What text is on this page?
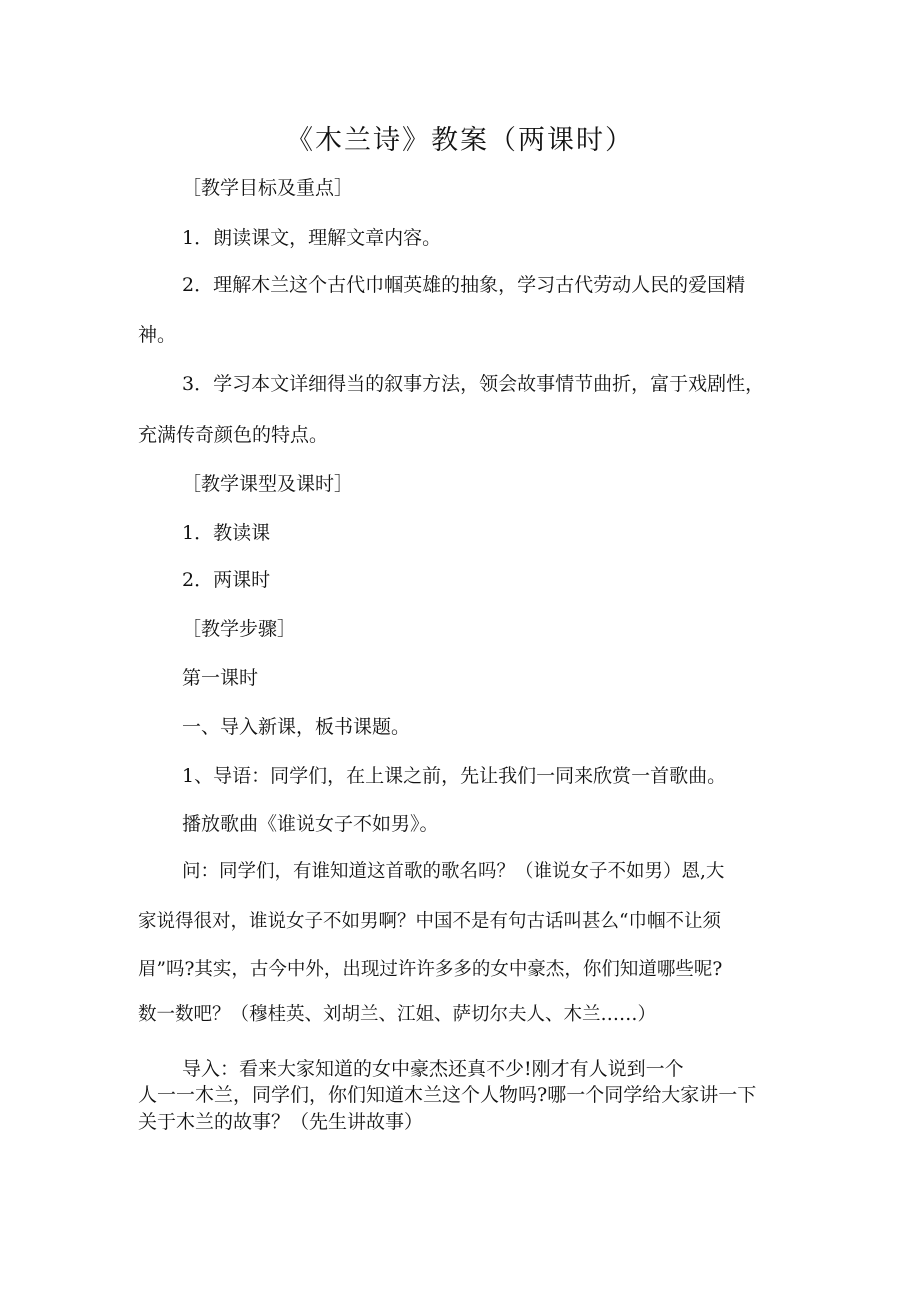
《木兰诗》教案（两课时）
［教学目标及重点］
1．朗读课文，理解文章内容。
2．理解木兰这个古代巾帼英雄的抽象，学习古代劳动人民的爱国精
神。
3．学习本文详细得当的叙事方法，领会故事情节曲折，富于戏剧性，
充满传奇颜色的特点。
［教学课型及课时］
1．教读课
2．两课时
［教学步骤］
第一课时
一、导入新课，板书课题。
1、导语：同学们，在上课之前，先让我们一同来欣赏一首歌曲。
播放歌曲《谁说女子不如男》。
问：同学们，有谁知道这首歌的歌名吗？（谁说女子不如男）恩,大
家说得很对，谁说女子不如男啊？中国不是有句古话叫甚么“巾帼不让须
眉”吗?其实，古今中外，出现过许许多多的女中豪杰，你们知道哪些呢?
数一数吧？（穆桂英、刘胡兰、江姐、萨切尔夫人、木兰……）
导入：看来大家知道的女中豪杰还真不少!刚才有人说到一个
人一一木兰，同学们，你们知道木兰这个人物吗?哪一个同学给大家讲一下
关于木兰的故事？（先生讲故事）
